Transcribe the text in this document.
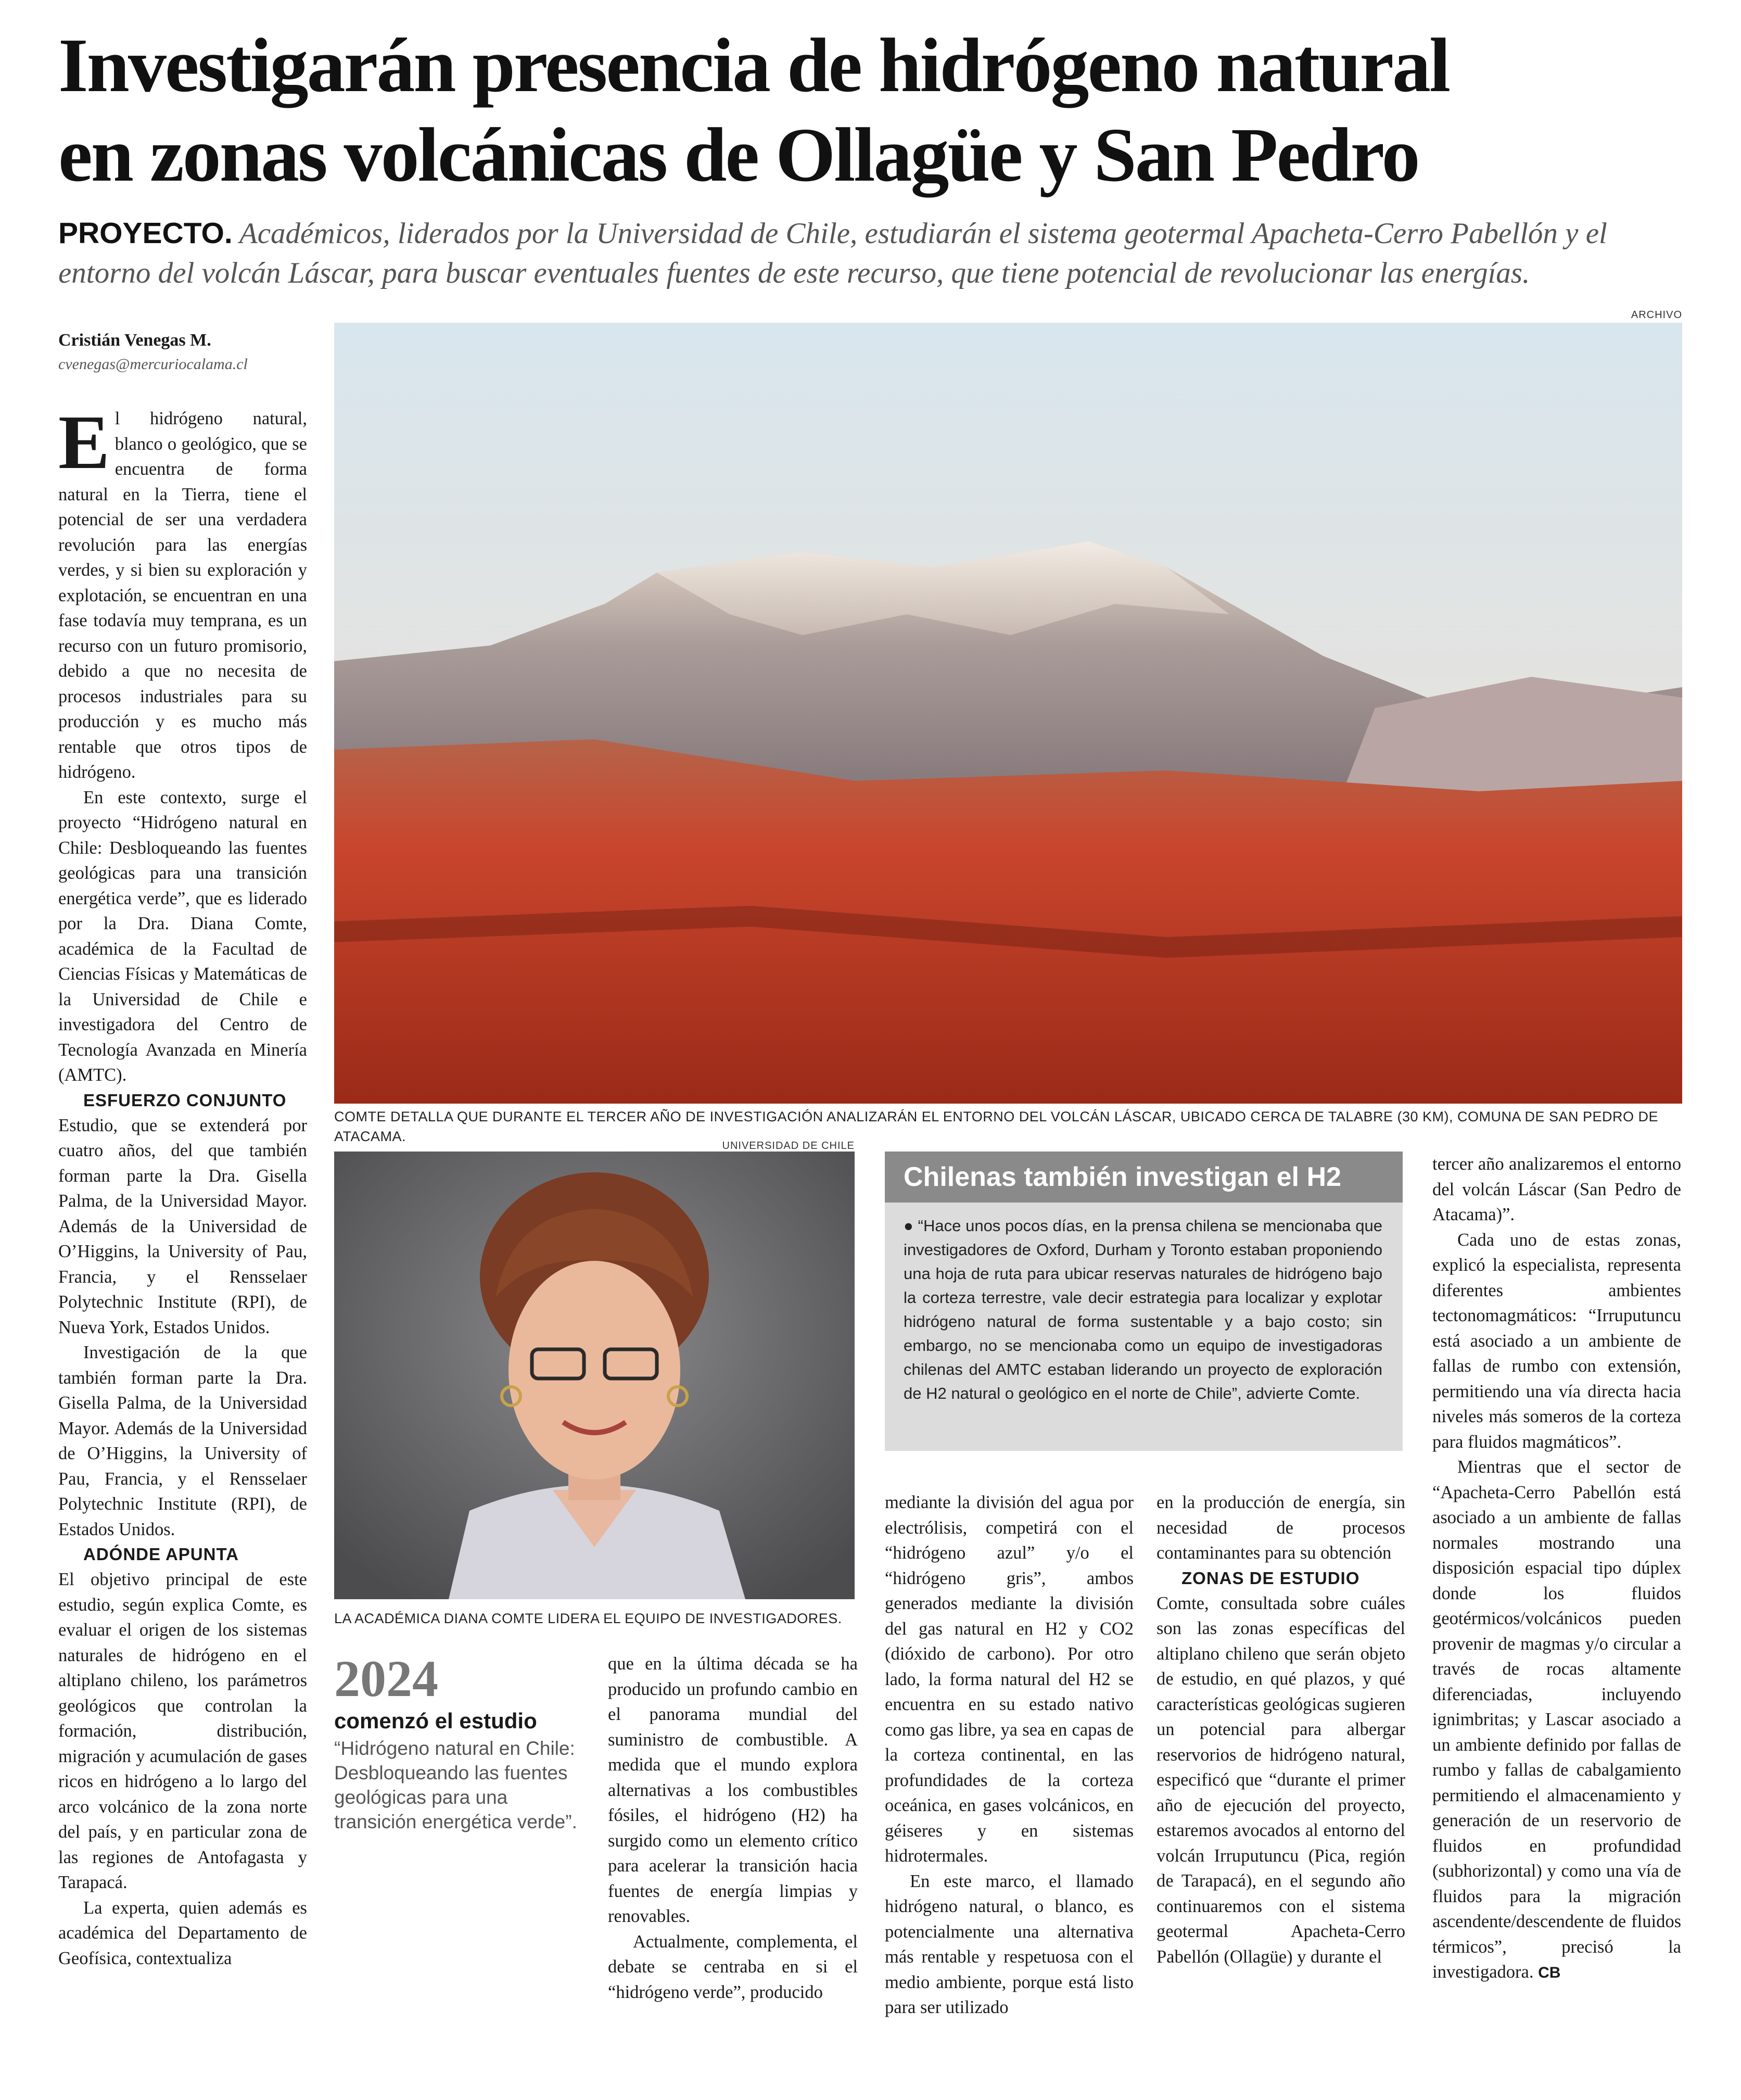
Investigarán presencia de hidrógeno natural
en zonas volcánicas de Ollagüe y San Pedro
PROYECTO. Académicos, liderados por la Universidad de Chile, estudiarán el sistema geotermal Apacheta-Cerro Pabellón y el entorno del volcán Láscar, para buscar eventuales fuentes de este recurso, que tiene potencial de revolucionar las energías.
Cristián Venegas M.
cvenegas@mercuriocalama.cl

El hidrógeno natural, blanco o geológico, que se encuentra de forma natural en la Tierra, tiene el potencial de ser una verdadera revolución para las energías verdes, y si bien su exploración y explotación, se encuentran en una fase todavía muy temprana, es un recurso con un futuro promisorio, debido a que no necesita de procesos industriales para su producción y es mucho más rentable que otros tipos de hidrógeno.

En este contexto, surge el proyecto “Hidrógeno natural en Chile: Desbloqueando las fuentes geológicas para una transición energética verde”, que es liderado por la Dra. Diana Comte, académica de la Facultad de Ciencias Físicas y Matemáticas de la Universidad de Chile e investigadora del Centro de Tecnología Avanzada en Minería (AMTC).

ESFUERZO CONJUNTO

Estudio, que se extenderá por cuatro años, del que también forman parte la Dra. Gisella Palma, de la Universidad Mayor. Además de la Universidad de O’Higgins, la University of Pau, Francia, y el Rensselaer Polytechnic Institute (RPI), de Nueva York, Estados Unidos.

Investigación de la que también forman parte la Dra. Gisella Palma, de la Universidad Mayor. Además de la Universidad de O’Higgins, la University of Pau, Francia, y el Rensselaer Polytechnic Institute (RPI), de Estados Unidos.

ADÓNDE APUNTA

El objetivo principal de este estudio, según explica Comte, es evaluar el origen de los sistemas naturales de hidrógeno en el altiplano chileno, los parámetros geológicos que controlan la formación, distribución, migración y acumulación de gases ricos en hidrógeno a lo largo del arco volcánico de la zona norte del país, y en particular zona de las regiones de Antofagasta y Tarapacá.

La experta, quien además es académica del Departamento de Geofísica, contextualiza

ARCHIVO
COMTE DETALLA QUE DURANTE EL TERCER AÑO DE INVESTIGACIÓN ANALIZARÁN EL ENTORNO DEL VOLCÁN LÁSCAR, UBICADO CERCA DE TALABRE (30 KM), COMUNA DE SAN PEDRO DE ATACAMA.
UNIVERSIDAD DE CHILE
LA ACADÉMICA DIANA COMTE LIDERA EL EQUIPO DE INVESTIGADORES.
2024
comenzó el estudio
“Hidrógeno natural en Chile: Desbloqueando las fuentes geológicas para una transición energética verde”.

que en la última década se ha producido un profundo cambio en el panorama mundial del suministro de combustible. A medida que el mundo explora alternativas a los combustibles fósiles, el hidrógeno (H2) ha surgido como un elemento crítico para acelerar la transición hacia fuentes de energía limpias y renovables.

Actualmente, complementa, el debate se centraba en si el “hidrógeno verde”, producido

Chilenas también investigan el H2
● “Hace unos pocos días, en la prensa chilena se mencionaba que investigadores de Oxford, Durham y Toronto estaban proponiendo una hoja de ruta para ubicar reservas naturales de hidrógeno bajo la corteza terrestre, vale decir estrategia para localizar y explotar hidrógeno natural de forma sustentable y a bajo costo; sin embargo, no se mencionaba como un equipo de investigadoras chilenas del AMTC estaban liderando un proyecto de exploración de H2 natural o geológico en el norte de Chile”, advierte Comte.

mediante la división del agua por electrólisis, competirá con el “hidrógeno azul” y/o el “hidrógeno gris”, ambos generados mediante la división del gas natural en H2 y CO2 (dióxido de carbono). Por otro lado, la forma natural del H2 se encuentra en su estado nativo como gas libre, ya sea en capas de la corteza continental, en las profundidades de la corteza oceánica, en gases volcánicos, en géiseres y en sistemas hidrotermales.

En este marco, el llamado hidrógeno natural, o blanco, es potencialmente una alternativa más rentable y respetuosa con el medio ambiente, porque está listo para ser utilizado

en la producción de energía, sin necesidad de procesos contaminantes para su obtención

ZONAS DE ESTUDIO

Comte, consultada sobre cuáles son las zonas específicas del altiplano chileno que serán objeto de estudio, en qué plazos, y qué características geológicas sugieren un potencial para albergar reservorios de hidrógeno natural, especificó que “durante el primer año de ejecución del proyecto, estaremos avocados al entorno del volcán Irruputuncu (Pica, región de Tarapacá), en el segundo año continuaremos con el sistema geotermal Apacheta-Cerro Pabellón (Ollagüe) y durante el

tercer año analizaremos el entorno del volcán Láscar (San Pedro de Atacama)”.

Cada uno de estas zonas, explicó la especialista, representa diferentes ambientes tectonomagmáticos: “Irruputuncu está asociado a un ambiente de fallas de rumbo con extensión, permitiendo una vía directa hacia niveles más someros de la corteza para fluidos magmáticos”.

Mientras que el sector de “Apacheta-Cerro Pabellón está asociado a un ambiente de fallas normales mostrando una disposición espacial tipo dúplex donde los fluidos geotérmicos/volcánicos pueden provenir de magmas y/o circular a través de rocas altamente diferenciadas, incluyendo ignimbritas; y Lascar asociado a un ambiente definido por fallas de rumbo y fallas de cabalgamiento permitiendo el almacenamiento y generación de un reservorio de fluidos en profundidad (subhorizontal) y como una vía de fluidos para la migración ascendente/descendente de fluidos térmicos”, precisó la investigadora. CB
